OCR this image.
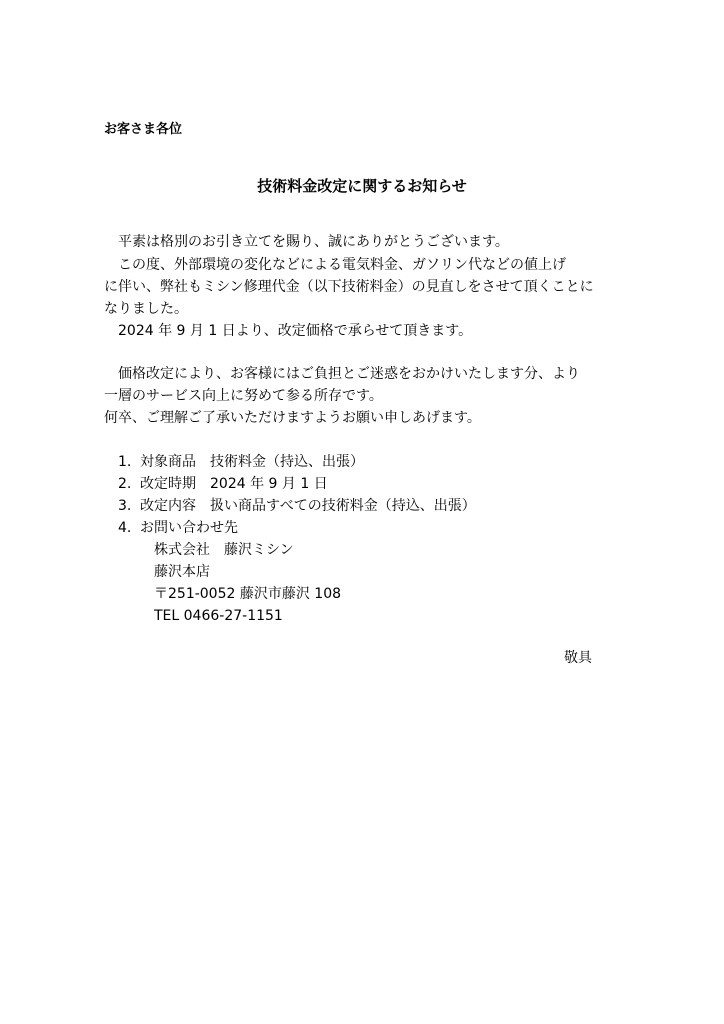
お客さま各位
技術料金改定に関するお知らせ
　平素は格別のお引き立てを賜り、誠にありがとうございます。
　この度、外部環境の変化などによる電気料金、ガソリン代などの値上げ
に伴い、弊社もミシン修理代金（以下技術料金）の見直しをさせて頂くことに
なりました。
　2024 年 9 月 1 日より、改定価格で承らせて頂きます。
　価格改定により、お客様にはご負担とご迷惑をおかけいたします分、より
一層のサービス向上に努めて参る所存です。
何卒、ご理解ご了承いただけますようお願い申しあげます。
1. 対象商品　技術料金（持込、出張）
2. 改定時期　2024 年 9 月 1 日
3. 改定内容　扱い商品すべての技術料金（持込、出張）
4. お問い合わせ先
株式会社　藤沢ミシン
藤沢本店
〒251-0052 藤沢市藤沢 108
TEL 0466-27-1151
敬具
